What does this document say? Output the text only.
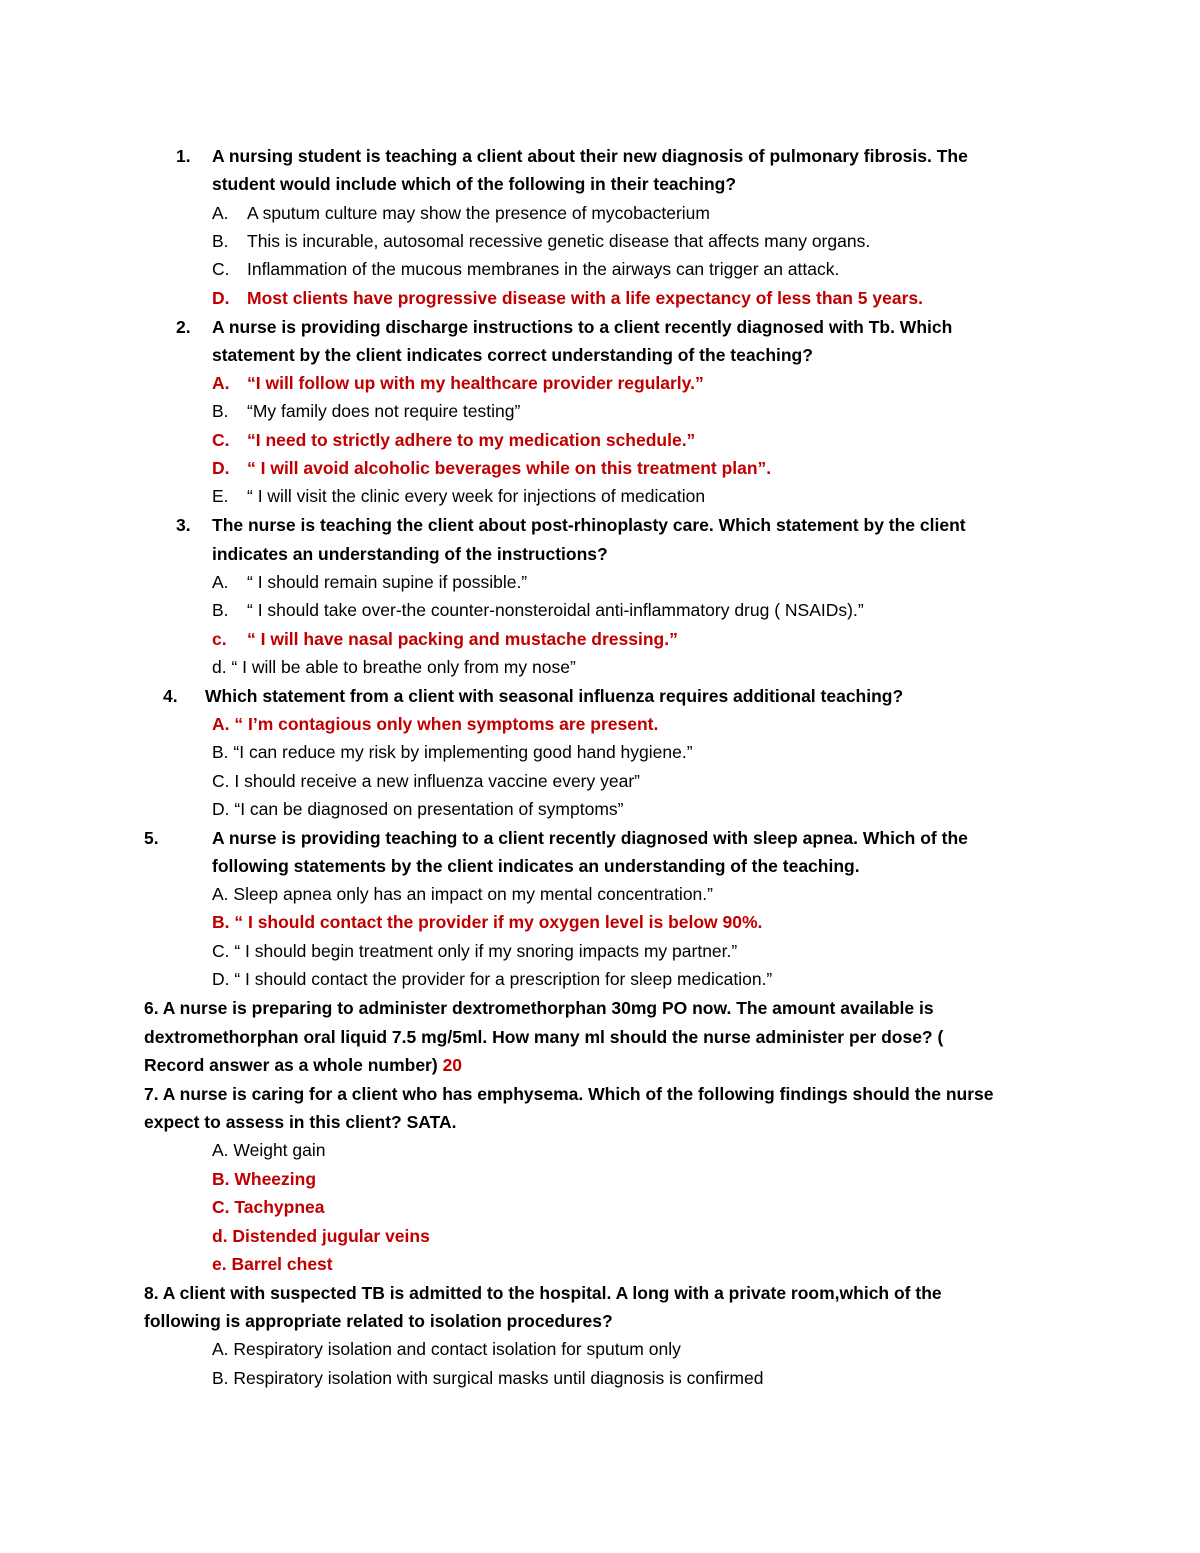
1. A nursing student is teaching a client about their new diagnosis of pulmonary fibrosis. The
student would include which of the following in their teaching?
A. A sputum culture may show the presence of mycobacterium
B. This is incurable, autosomal recessive genetic disease that affects many organs.
C. Inflammation of the mucous membranes in the airways can trigger an attack.
D. Most clients have progressive disease with a life expectancy of less than 5 years.
2. A nurse is providing discharge instructions to a client recently diagnosed with Tb. Which
statement by the client indicates correct understanding of the teaching?
A. “I will follow up with my healthcare provider regularly.”
B. “My family does not require testing”
C. “I need to strictly adhere to my medication schedule.”
D. “ I will avoid alcoholic beverages while on this treatment plan”.
E. “ I will visit the clinic every week for injections of medication
3. The nurse is teaching the client about post-rhinoplasty care. Which statement by the client
indicates an understanding of the instructions?
A. “ I should remain supine if possible.”
B. “ I should take over-the counter-nonsteroidal anti-inflammatory drug ( NSAIDs).”
c. “ I will have nasal packing and mustache dressing.”
d. “ I will be able to breathe only from my nose”
4. Which statement from a client with seasonal influenza requires additional teaching?
A. “ I’m contagious only when symptoms are present.
B. “I can reduce my risk by implementing good hand hygiene.”
C. I should receive a new influenza vaccine every year”
D. “I can be diagnosed on presentation of symptoms”
5.	A nurse is providing teaching to a client recently diagnosed with sleep apnea. Which of the
following statements by the client indicates an understanding of the teaching.
A. Sleep apnea only has an impact on my mental concentration.”
B. “ I should contact the provider if my oxygen level is below 90%.
C. “ I should begin treatment only if my snoring impacts my partner.”
D. “ I should contact the provider for a prescription for sleep medication.”
6. A nurse is preparing to administer dextromethorphan 30mg PO now. The amount available is
dextromethorphan oral liquid 7.5 mg/5ml. How many ml should the nurse administer per dose? (
Record answer as a whole number) 20
7. A nurse is caring for a client who has emphysema. Which of the following findings should the nurse
expect to assess in this client? SATA.
A. Weight gain
B. Wheezing
C. Tachypnea
d. Distended jugular veins
e. Barrel chest
8. A client with suspected TB is admitted to the hospital. A long with a private room,which of the
following is appropriate related to isolation procedures?
A. Respiratory isolation and contact isolation for sputum only
B. Respiratory isolation with surgical masks until diagnosis is confirmed
